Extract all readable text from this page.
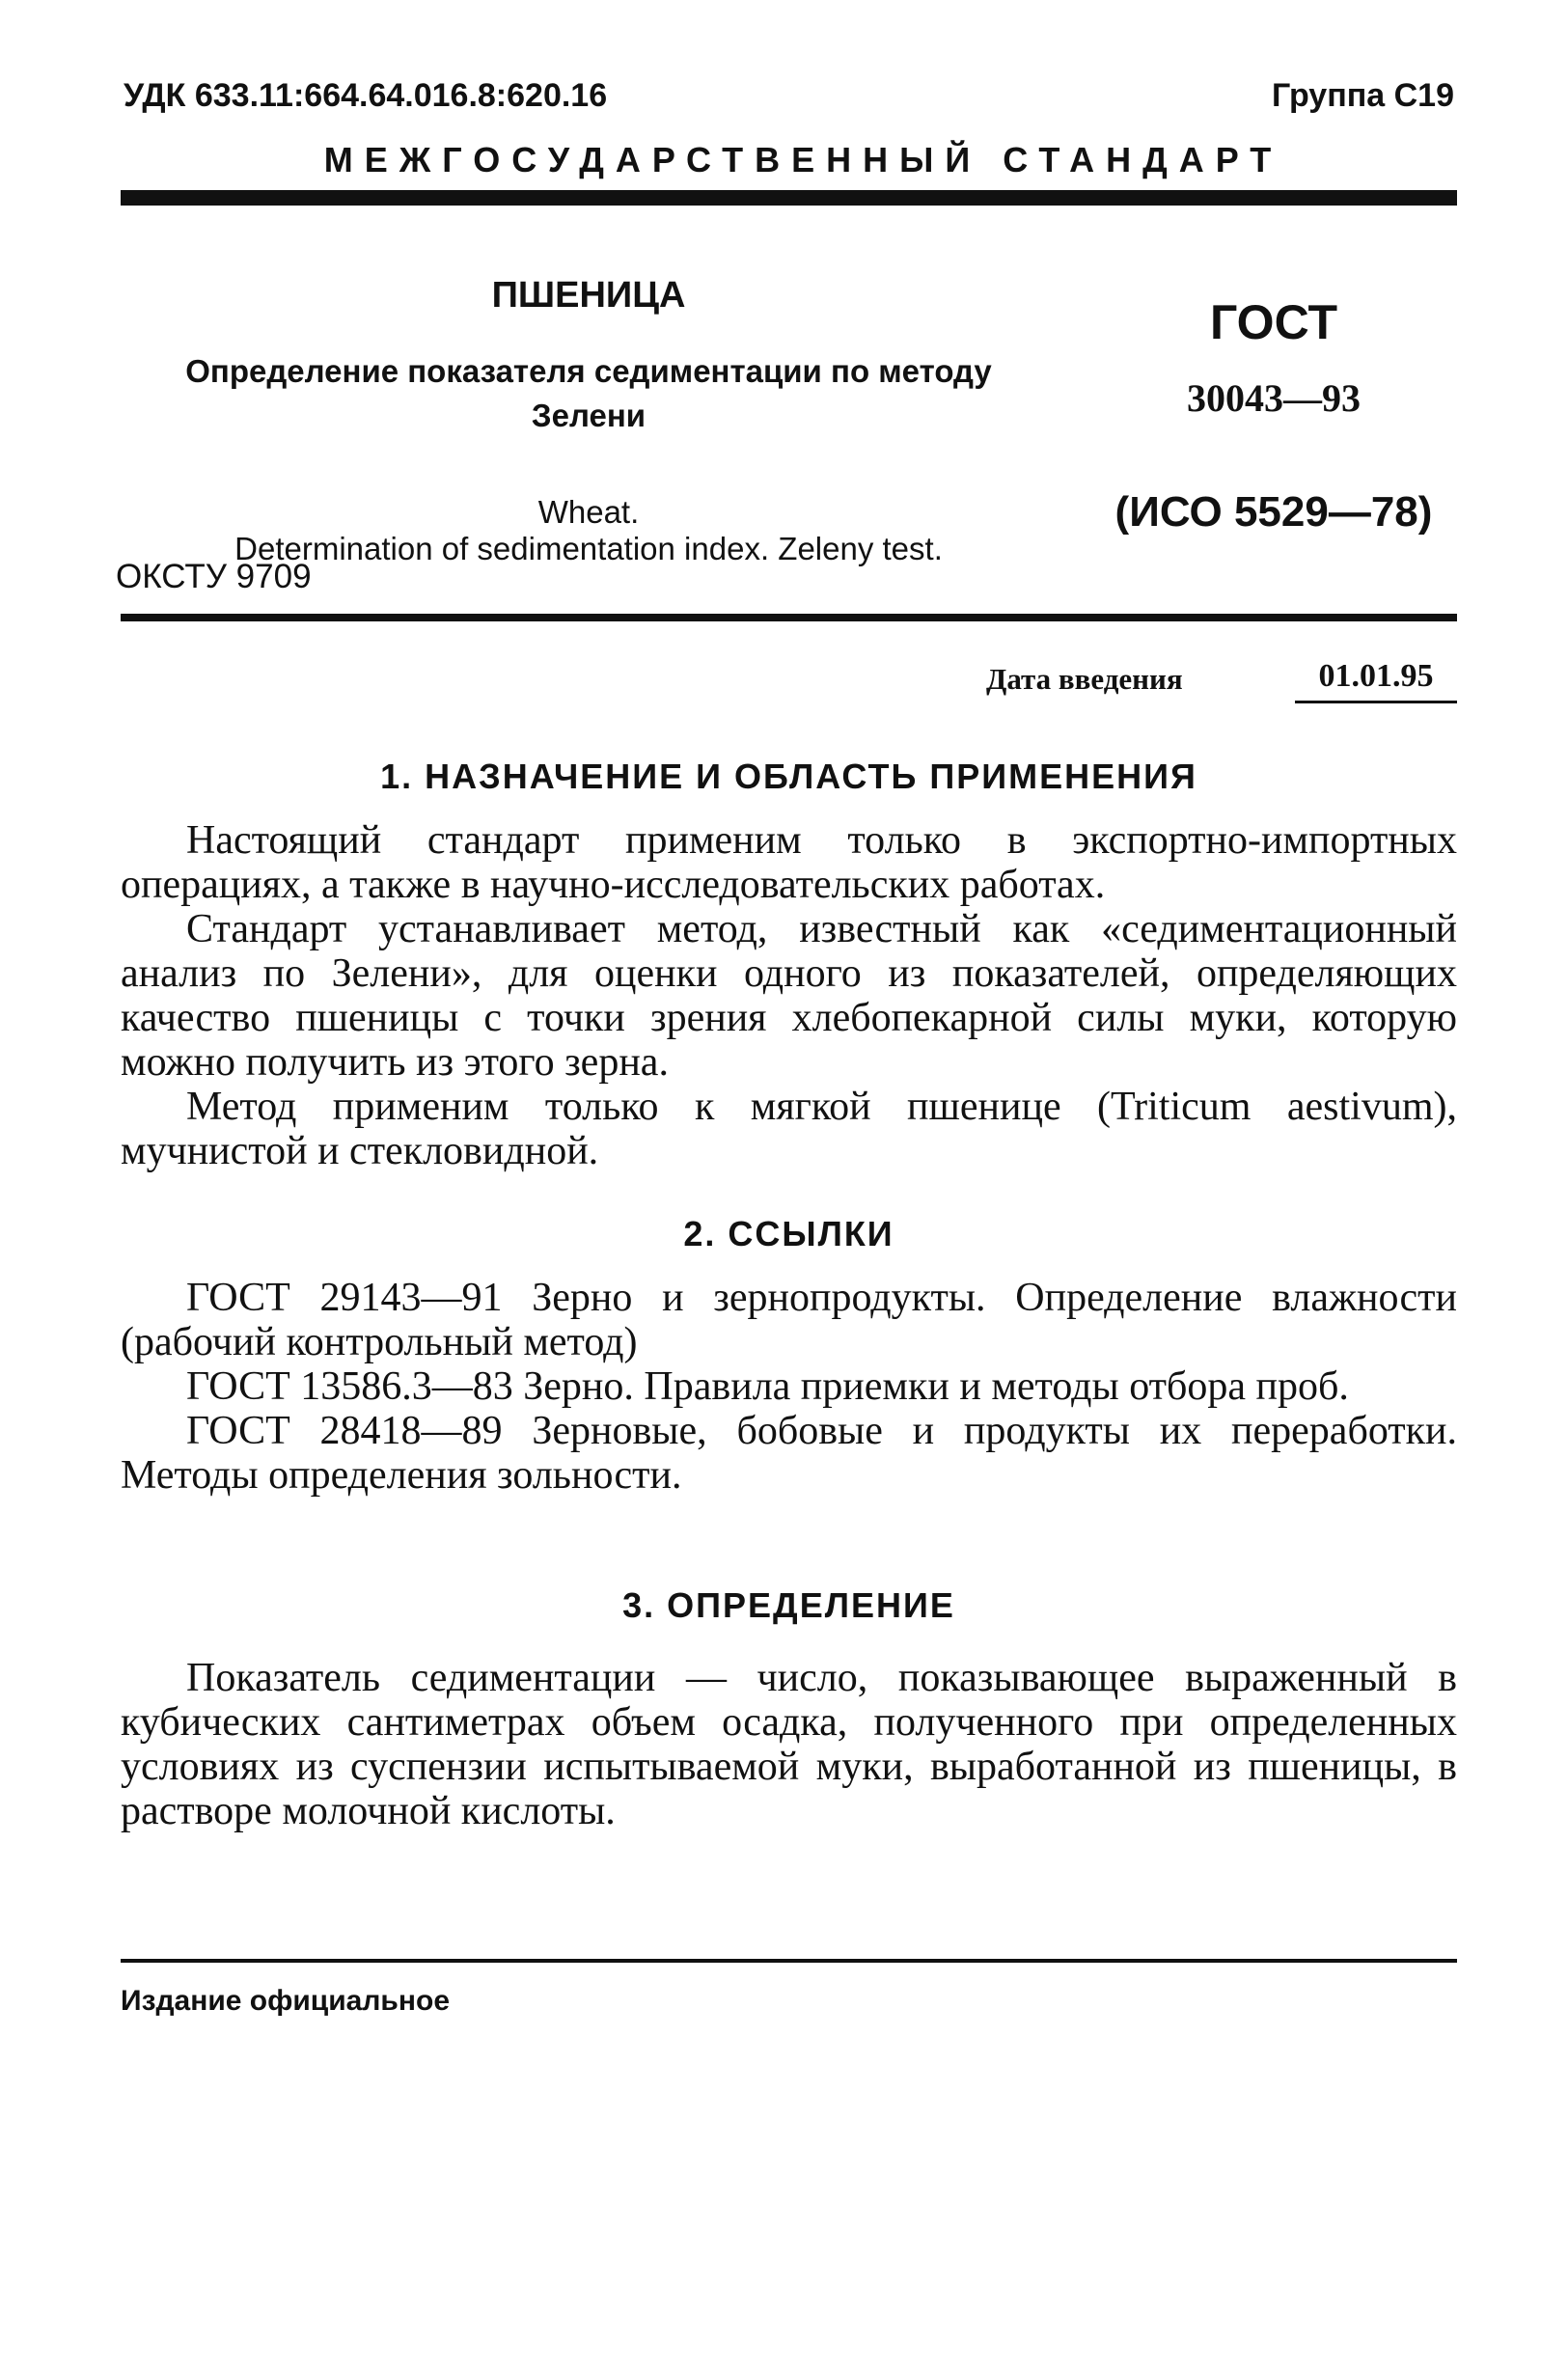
УДК 633.11:664.64.016.8:620.16	Группа С19
МЕЖГОСУДАРСТВЕННЫЙ СТАНДАРТ
ПШЕНИЦА
Определение показателя седиментации по методу Зелени
Wheat.
Determination of sedimentation index. Zeleny test.
ГОСТ
30043—93
(ИСО 5529—78)
ОКСТУ 9709
Дата введения	01.01.95
1. НАЗНАЧЕНИЕ И ОБЛАСТЬ ПРИМЕНЕНИЯ

Настоящий стандарт применим только в экспортно-импортных операциях, а также в научно-исследовательских работах.

Стандарт устанавливает метод, известный как «седиментационный анализ по Зелени», для оценки одного из показателей, определяющих качество пшеницы с точки зрения хлебопекарной силы муки, которую можно получить из этого зерна.

Метод применим только к мягкой пшенице (Triticum aestivum), мучнистой и стекловидной.

2. ССЫЛКИ

ГОСТ 29143—91 Зерно и зернопродукты. Определение влажности (рабочий контрольный метод)

ГОСТ 13586.3—83 Зерно. Правила приемки и методы отбора проб.

ГОСТ 28418—89 Зерновые, бобовые и продукты их переработки. Методы определения зольности.

3. ОПРЕДЕЛЕНИЕ

Показатель седиментации — число, показывающее выраженный в кубических сантиметрах объем осадка, полученного при определенных условиях из суспензии испытываемой муки, выработанной из пшеницы, в растворе молочной кислоты.

Издание официальное
